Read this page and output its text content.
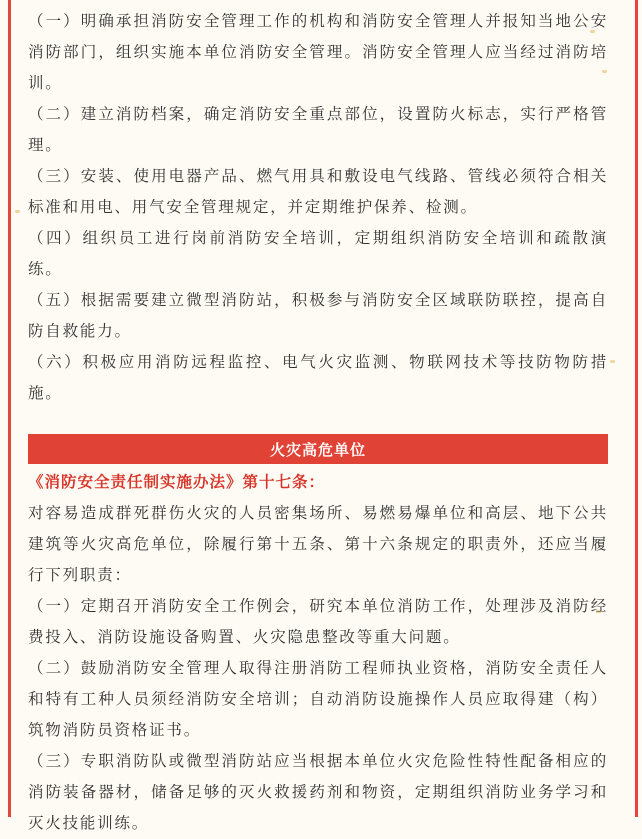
（一）明确承担消防安全管理工作的机构和消防安全管理人并报知当地公安消防部门，组织实施本单位消防安全管理。消防安全管理人应当经过消防培训。

（二）建立消防档案，确定消防安全重点部位，设置防火标志，实行严格管理。

（三）安装、使用电器产品、燃气用具和敷设电气线路、管线必须符合相关标准和用电、用气安全管理规定，并定期维护保养、检测。

（四）组织员工进行岗前消防安全培训，定期组织消防安全培训和疏散演练。

（五）根据需要建立微型消防站，积极参与消防安全区域联防联控，提高自防自救能力。

（六）积极应用消防远程监控、电气火灾监测、物联网技术等技防物防措施。

火灾高危单位

《消防安全责任制实施办法》第十七条：

对容易造成群死群伤火灾的人员密集场所、易燃易爆单位和高层、地下公共建筑等火灾高危单位，除履行第十五条、第十六条规定的职责外，还应当履行下列职责：

（一）定期召开消防安全工作例会，研究本单位消防工作，处理涉及消防经费投入、消防设施设备购置、火灾隐患整改等重大问题。

（二）鼓励消防安全管理人取得注册消防工程师执业资格，消防安全责任人和特有工种人员须经消防安全培训；自动消防设施操作人员应取得建（构）筑物消防员资格证书。

（三）专职消防队或微型消防站应当根据本单位火灾危险性特性配备相应的消防装备器材，储备足够的灭火救援药剂和物资，定期组织消防业务学习和灭火技能训练。
